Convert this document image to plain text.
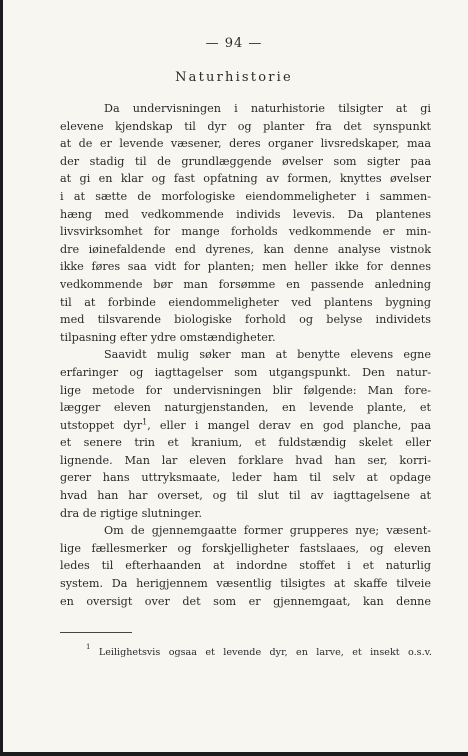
— 94 —
Naturhistorie
Da undervisningen i naturhistorie tilsigter at gi
elevene kjendskap til dyr og planter fra det synspunkt
at de er levende væsener, deres organer livsredskaper, maa
der stadig til de grundlæggende øvelser som sigter paa
at gi en klar og fast opfatning av formen, knyttes øvelser
i at sætte de morfologiske eiendommeligheter i sammen-
hæng med vedkommende individs levevis. Da plantenes
livsvirksomhet for mange forholds vedkommende er min-
dre iøinefaldende end dyrenes, kan denne analyse vistnok
ikke føres saa vidt for planten; men heller ikke for dennes
vedkommende bør man forsømme en passende anledning
til at forbinde eiendommeligheter ved plantens bygning
med tilsvarende biologiske forhold og belyse individets
tilpasning efter ydre omstændigheter.
Saavidt mulig søker man at benytte elevens egne
erfaringer og iagttagelser som utgangspunkt. Den natur-
lige metode for undervisningen blir følgende: Man fore-
lægger eleven naturgjenstanden, en levende plante, et
utstoppet dyr$^1$, eller i mangel derav en god planche, paa
et senere trin et kranium, et fuldstændig skelet eller
lignende. Man lar eleven forklare hvad han ser, korri-
gerer hans uttryksmaate, leder ham til selv at opdage
hvad han har overset, og til slut til av iagttagelsene at
dra de rigtige slutninger.
Om de gjennemgaatte former grupperes nye; væsent-
lige fællesmerker og forskjelligheter fastslaaes, og eleven
ledes til efterhaanden at indordne stoffet i et naturlig
system. Da herigjennem væsentlig tilsigtes at skaffe tilveie
en oversigt over det som er gjennemgaat, kan denne
$^1$ Leilighetsvis ogsaa et levende dyr, en larve, et insekt o.s.v.
